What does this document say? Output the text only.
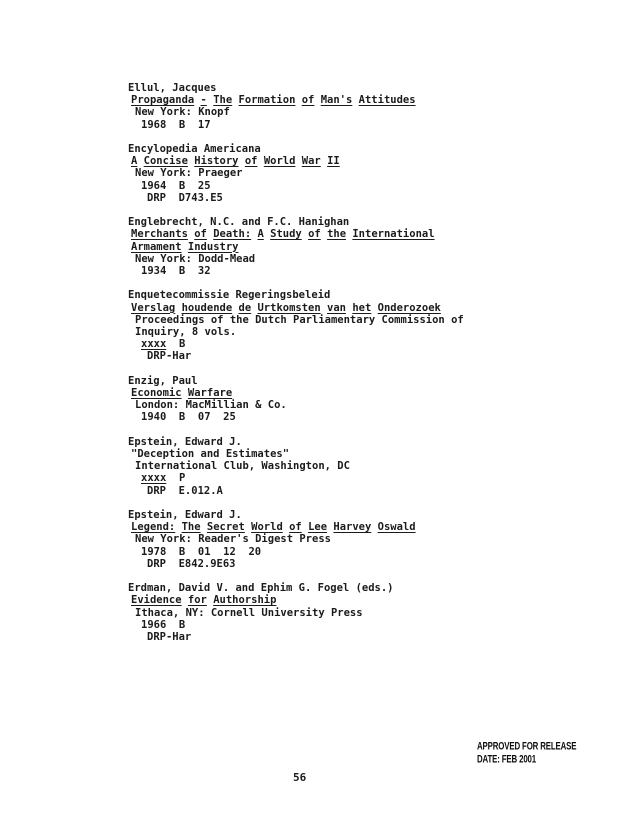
Ellul, Jacques
Propaganda - The Formation of Man's Attitudes
New York: Knopf
1968  B  17
Encylopedia Americana
A Concise History of World War II
New York: Praeger
1964  B  25
DRP  D743.E5
Englebrecht, N.C. and F.C. Hanighan
Merchants of Death: A Study of the International
Armament Industry
New York: Dodd-Mead
1934  B  32
Enquetecommissie Regeringsbeleid
Verslag houdende de Urtkomsten van het Onderozoek
Proceedings of the Dutch Parliamentary Commission of
Inquiry, 8 vols.
xxxx  B
DRP-Har
Enzig, Paul
Economic Warfare
London: MacMillian & Co.
1940  B  07  25
Epstein, Edward J.
"Deception and Estimates"
International Club, Washington, DC
xxxx  P
DRP  E.012.A
Epstein, Edward J.
Legend: The Secret World of Lee Harvey Oswald
New York: Reader's Digest Press
1978  B  01  12  20
DRP  E842.9E63
Erdman, David V. and Ephim G. Fogel (eds.)
Evidence for Authorship
Ithaca, NY: Cornell University Press
1966  B
DRP-Har
APPROVED FOR RELEASE
DATE: FEB 2001
56
